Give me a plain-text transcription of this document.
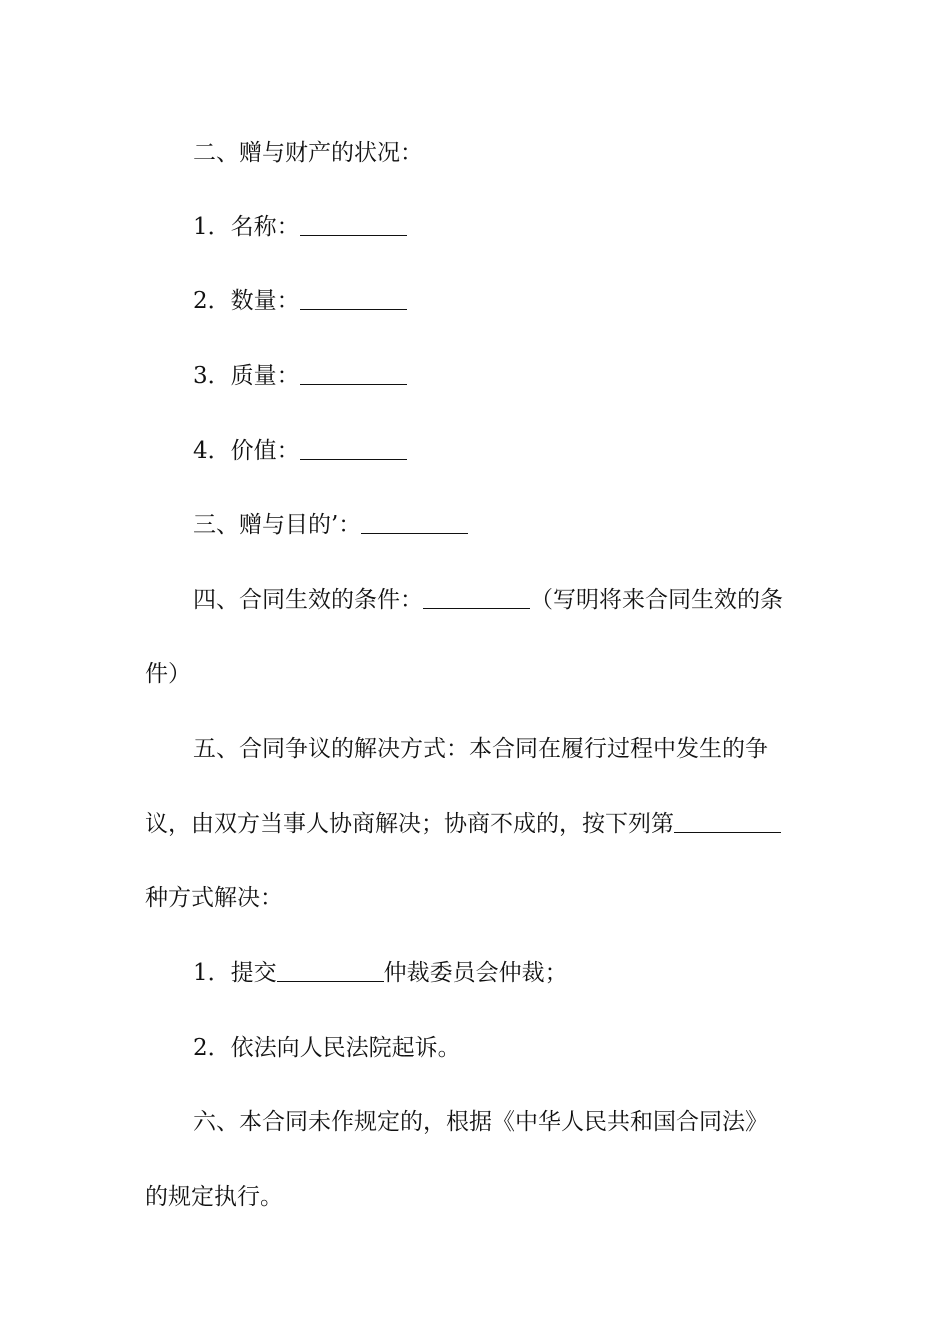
二、赠与财产的状况：
1．名称：
2．数量：
3．质量：
4．价值：
三、赠与目的’：
四、合同生效的条件：	（写明将来合同生效的条
件）
五、合同争议的解决方式：本合同在履行过程中发生的争
议，由双方当事人协商解决；协商不成的，按下列第
种方式解决：
1．提交	仲裁委员会仲裁；
2．依法向人民法院起诉。
六、本合同未作规定的，根据《中华人民共和国合同法》
的规定执行。
